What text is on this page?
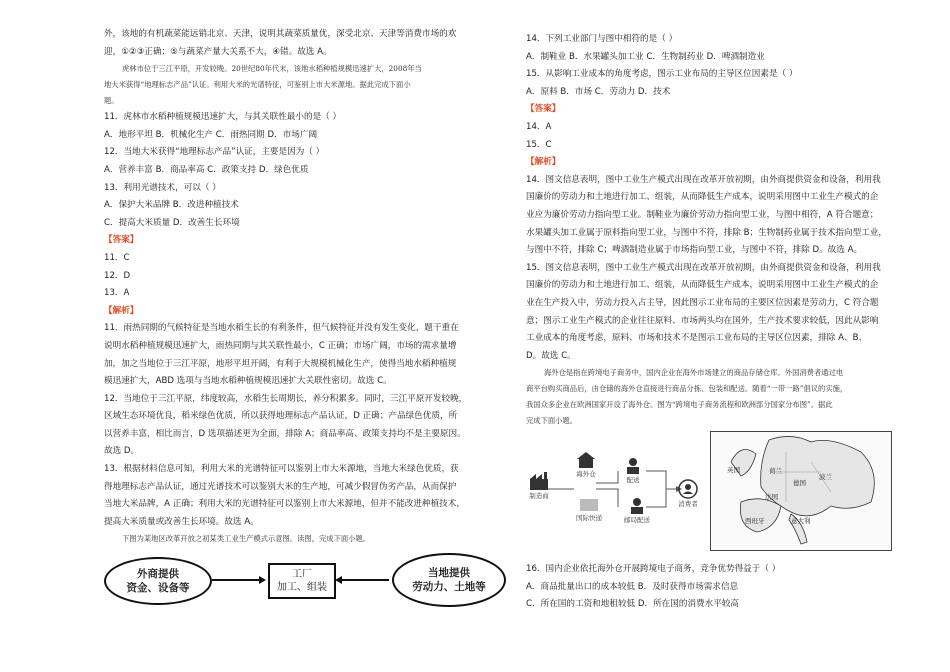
外，该地的有机蔬菜能远销北京、天津，说明其蔬菜质量优，深受北京、天津等消费市场的欢

迎，①②③正确；⑤与蔬菜产量大关系不大，④错。故选 A。

虎林市位于三江平原，开发较晚。20世纪80年代末，该地水稻种植规模迅速扩大，2008年当

地大米获得“地理标志产品”认证。利用大米的光谱特征，可鉴别上市大米源地。据此完成下面小

题。

11．虎林市水稻种植规模迅速扩大，与其关联性最小的是（ ）

A．地形平坦 B．机械化生产 C．雨热同期 D．市场广阔

12．当地大米获得“地理标志产品”认证，主要是因为（ ）

A．营养丰富 B．商品率高 C．政策支持 D．绿色优质

13．利用光谱技术，可以（ ）

A．保护大米品牌 B．改进种植技术

C．提高大米质量 D．改善生长环境

【答案】

11．C

12．D

13．A

【解析】

11．雨热同期的气候特征是当地水稻生长的有利条件，但气候特征并没有发生变化，题干重在

说明水稻种植规模迅速扩大，雨热同期与其关联性最小，C 正确；市场广阔，市场的需求量增

加，加之当地位于三江平原，地形平坦开阔，有利于大规模机械化生产，使得当地水稻种植规

模迅速扩大，ABD 选项与当地水稻种植规模迅速扩大关联性密切。故选 C。

12．当地位于三江平原，纬度较高，水稻生长周期长，养分积累多。同时，三江平原开发较晚，

区域生态环境优良，稻米绿色优质，所以获得地理标志产品认证，D 正确；产品绿色优质，所

以营养丰富，相比而言，D 选项描述更为全面，排除 A；商品率高、政策支持均不是主要原因。

故选 D。

13．根据材料信息可知，利用大米的光谱特征可以鉴别上市大米源地，当地大米绿色优质，获

得地理标志产品认证，通过光谱技术可以鉴别大米的生产地，可减少假冒伪劣产品，从而保护

当地大米品牌，A 正确；利用大米的光谱特征可以鉴别上市大米源地，但并不能改进种植技术，

提高大米质量或改善生长环境。故选 A。

下图为某地区改革开放之初某类工业生产模式示意图。读图，完成下面小题。

外商提供
资金、设备等
工厂
加工、组装
当地提供
劳动力、土地等

14．下列工业部门与图中相符的是（ ）

A．制鞋业 B．水果罐头加工业 C．生物制药业 D．啤酒制造业

15．从影响工业成本的角度考虑，图示工业布局的主导区位因素是（ ）

A．原料 B．市场 C．劳动力 D．技术

【答案】

14．A

15．C

【解析】

14．图文信息表明，图中工业生产模式出现在改革开放初期，由外商提供资金和设备，利用我

国廉价的劳动力和土地进行加工、组装，从而降低生产成本，说明采用图中工业生产模式的企

业应为廉价劳动力指向型工业。制鞋业为廉价劳动力指向型工业，与图中相符，A 符合题意；

水果罐头加工业属于原料指向型工业，与图中不符，排除 B；生物制药业属于技术指向型工业，

与图中不符，排除 C；啤酒制造业属于市场指向型工业，与图中不符，排除 D。故选 A。

15．图文信息表明，图中工业生产模式出现在改革开放初期，由外商提供资金和设备，利用我

国廉价的劳动力和土地进行加工、组装，从而降低生产成本，说明采用图中工业生产模式的企

业在生产投入中，劳动力投入占主导，因此图示工业布局的主要区位因素是劳动力，C 符合题

意；图示工业生产模式的企业往往原料、市场两头均在国外，生产技术要求较低，因此从影响

工业成本的角度考虑，原料、市场和技术不是图示工业布局的主导区位因素，排除 A、B、

D。故选 C。

海外仓是指在跨境电子商务中，国内企业在海外市场建立的商品存储仓库。外国消费者通过电

商平台购买商品后，由仓储的海外仓直接进行商品分拣、包装和配送。随着“一带一路”倡议的实施，

我国众多企业在欧洲国家开设了海外仓。图为“跨境电子商务流程和欧洲部分国家分布图”。据此

完成下面小题。

制造商
海外仓
配送
消费者
国际快递	邮局配送
英国	荷兰
德国
波兰
法国
意大利
西班牙

16．国内企业依托海外仓开展跨境电子商务，竞争优势得益于（ ）

A．商品批量出口的成本较低 B．及时获得市场需求信息

C．所在国的工资和地租较低 D．所在国的消费水平较高
